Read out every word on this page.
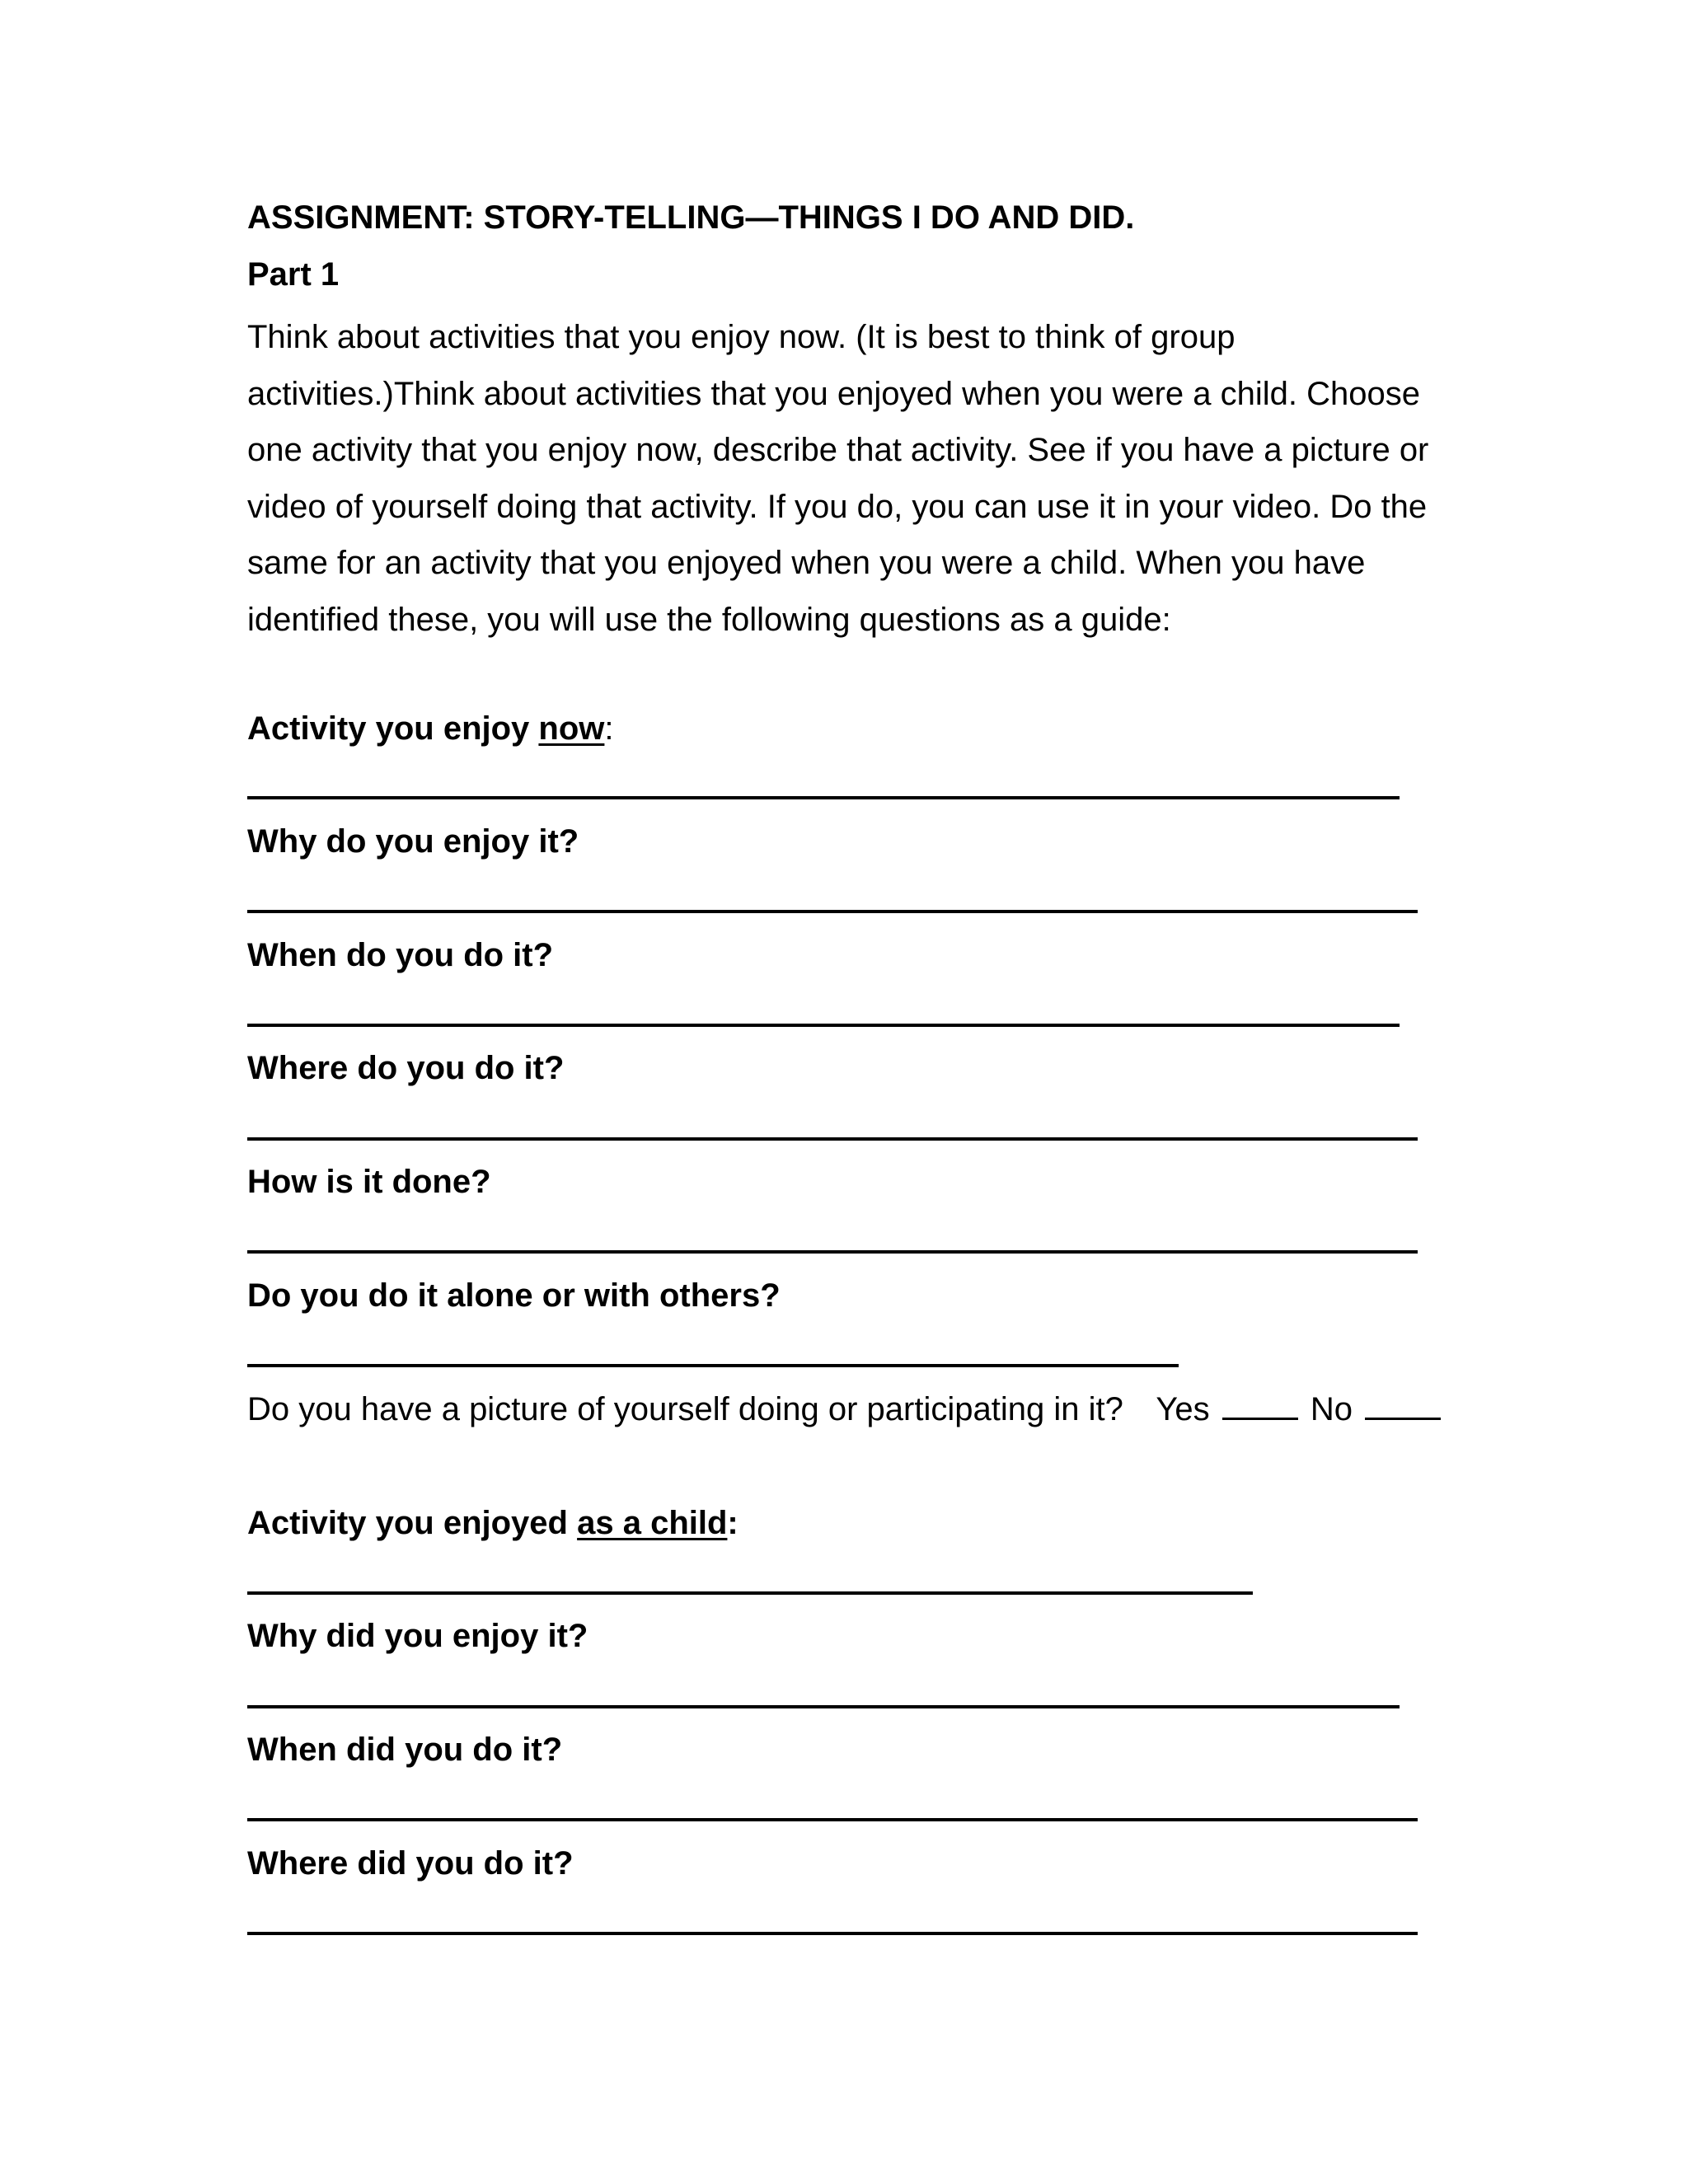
ASSIGNMENT: STORY-TELLING—THINGS I DO AND DID.
Part 1
Think about activities that you enjoy now. (It is best to think of group
activities.)Think about activities that you enjoyed when you were a child. Choose
one activity that you enjoy now, describe that activity. See if you have a picture or
video of yourself doing that activity. If you do, you can use it in your video. Do the
same for an activity that you enjoyed when you were a child. When you have
identified these, you will use the following questions as a guide:
Activity you enjoy now:
Why do you enjoy it?
When do you do it?
Where do you do it?
How is it done?
Do you do it alone or with others?
Do you have a picture of yourself doing or participating in it? Yes	No
Activity you enjoyed as a child:
Why did you enjoy it?
When did you do it?
Where did you do it?
